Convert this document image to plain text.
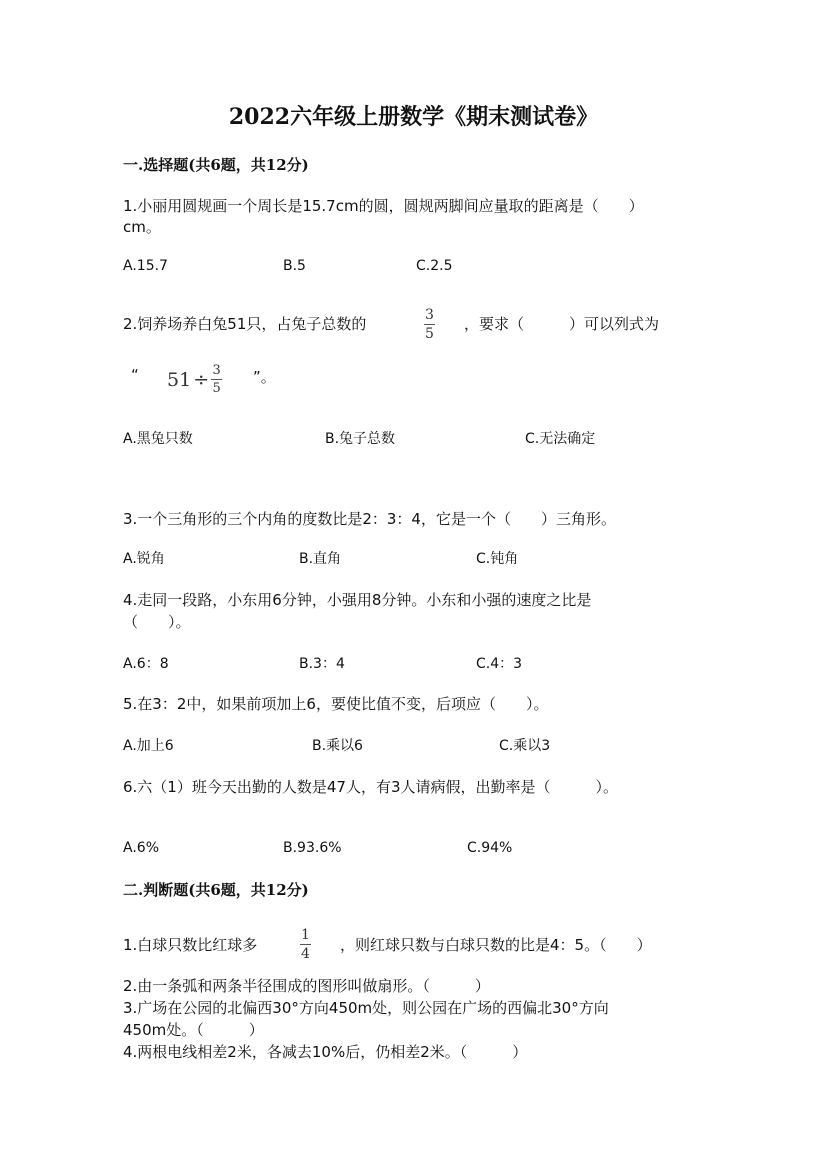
2022六年级上册数学《期末测试卷》
一.选择题(共6题，共12分)
1.小丽用圆规画一个周长是15.7cm的圆，圆规两脚间应量取的距离是（　　）
cm。
A.15.7	B.5	C.2.5
2.饲养场养白兔51只，占兔子总数的	3
5
，要求（　　　）可以列式为
“ $51 \div \frac{3}{5}$ ”。
A.黑兔只数	B.兔子总数	C.无法确定
3.一个三角形的三个内角的度数比是2：3：4，它是一个（　　）三角形。
A.锐角	B.直角	C.钝角
4.走同一段路，小东用6分钟，小强用8分钟。小东和小强的速度之比是
（　　）。
A.6：8	B.3：4	C.4：3
5.在3：2中，如果前项加上6，要使比值不变，后项应（　　）。
A.加上6	B.乘以6	C.乘以3
6.六（1）班今天出勤的人数是47人，有3人请病假，出勤率是（　　　）。
A.6%	B.93.6%	C.94%
二.判断题(共6题，共12分)
1.白球只数比红球多
1
4 ，则红球只数与白球只数的比是4：5。（　　）
2.由一条弧和两条半径围成的图形叫做扇形。（　　　）
3.广场在公园的北偏西30°方向450m处，则公园在广场的西偏北30°方向
450m处。（　　　）
4.两根电线相差2米，各减去10%后，仍相差2米。（　　　）
